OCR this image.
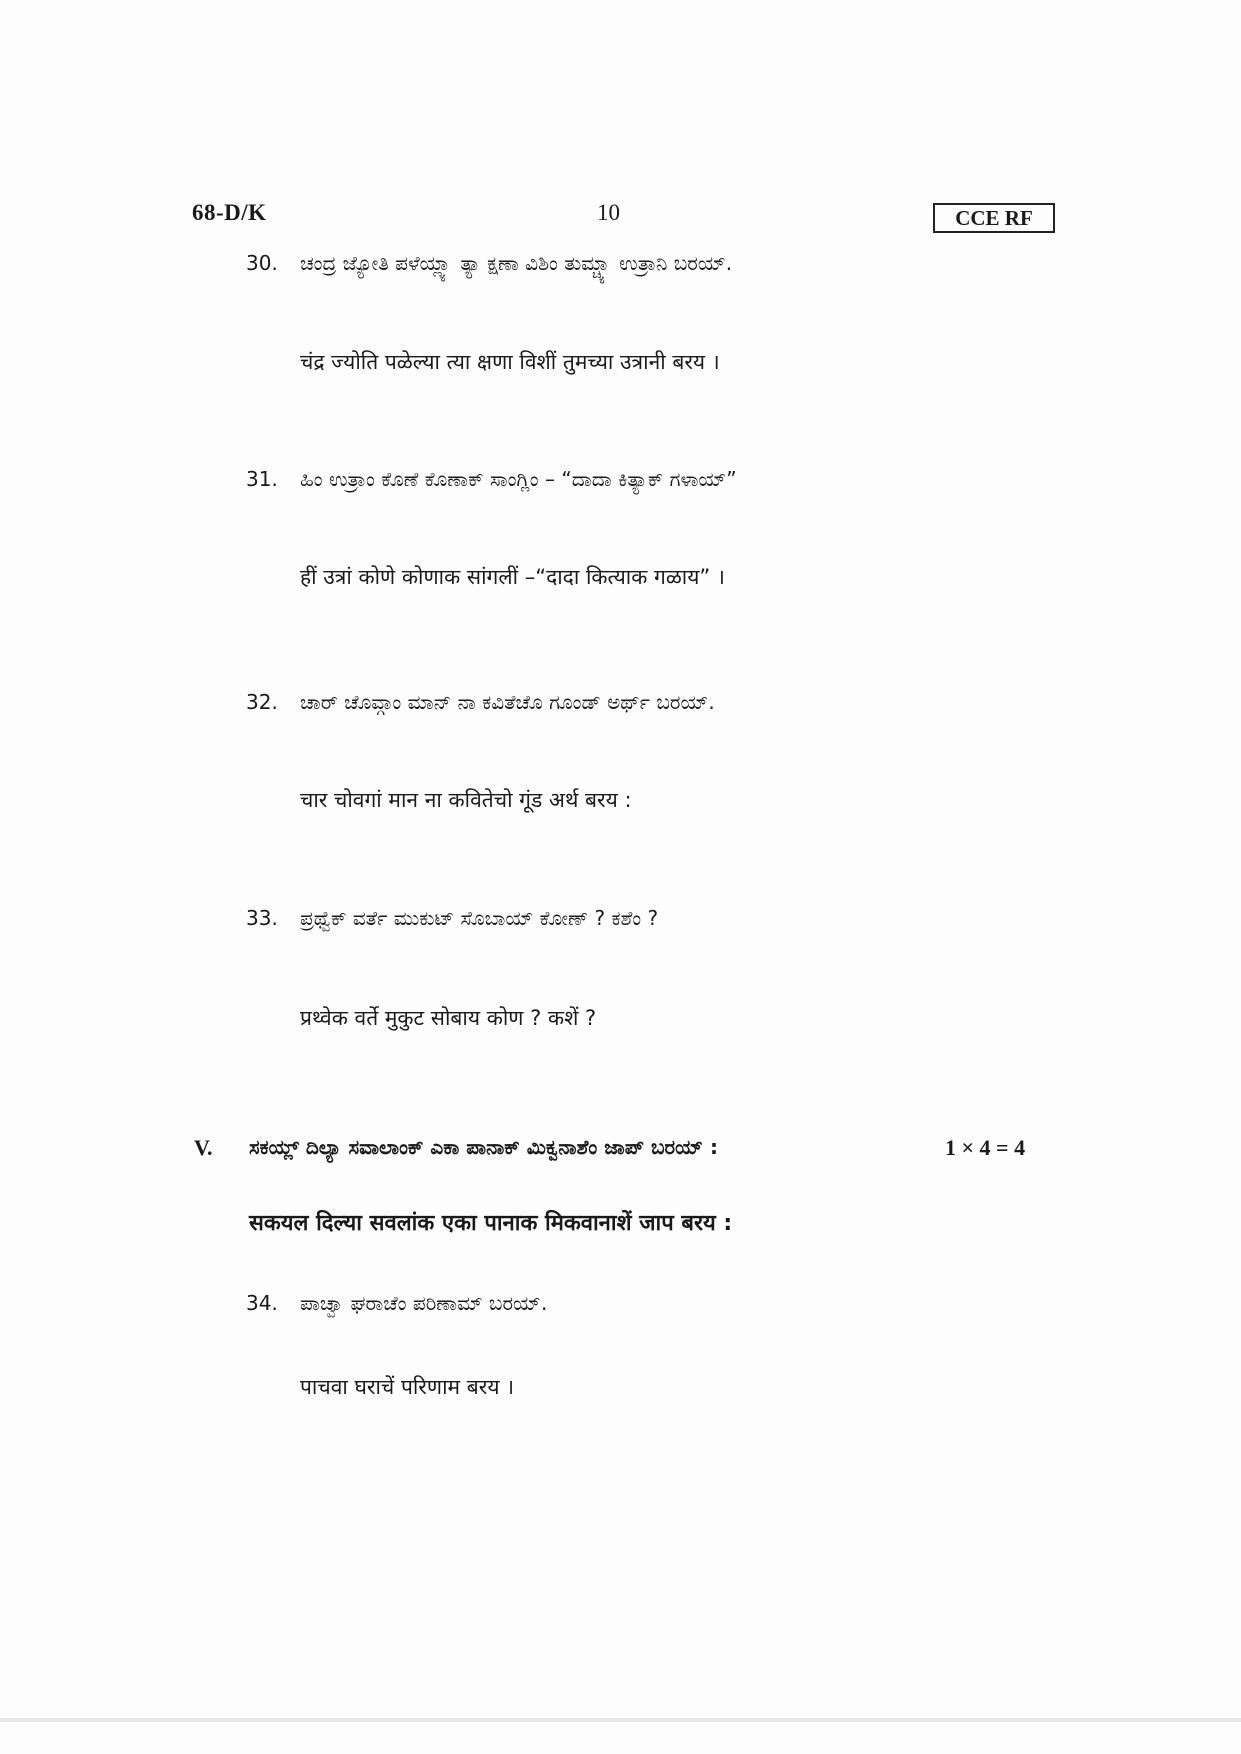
68-D/K	10	CCE RF
30. ಚಂದ್ರ ಜ್ಯೋತಿ ಪಳೆಯ್ಲ್ಯಾ ತ್ಯಾ ಕ್ಷಣಾ ವಿಶಿಂ ತುಮ್ಚ್ಯಾ ಉತ್ರಾನಿ ಬರಯ್.
चंद्र ज्योति पळेल्या त्या क्षणा विशीं तुमच्या उत्रानी बरय ।
31. ಹಿಂ ಉತ್ರಾಂ ಕೊಣೆ ಕೊಣಾಕ್ ಸಾಂಗ್ಲಿಂ – “ದಾದಾ ಕಿತ್ಯಾಕ್ ಗಳಾಯ್”
हीं उत्रां कोणे कोणाक सांगलीं –“दादा कित्याक गळाय” ।
32. ಚಾರ್ ಚೊವ್ಗಾಂ ಮಾನ್ ನಾ ಕವಿತೆಚೊ ಗೂಂಡ್ ಅರ್ಥ್ ಬರಯ್.
चार चोवगां मान ना कवितेचो गूंड अर्थ बरय :
33. ಪ್ರಥ್ವೆಕ್ ವರ್ತೆ ಮುಕುಟ್ ಸೊಬಾಯ್ ಕೋಣ್ ? ಕಶೆಂ ?
प्रथ्वेक वर्ते मुकुट सोबाय कोण ? कशें ?
V. ಸಕಯ್ಲ್ ದಿಲ್ಯಾ ಸವಾಲಾಂಕ್ ಎಕಾ ಪಾನಾಕ್ ಮಿಕ್ವನಾಶೆಂ ಜಾಪ್ ಬರಯ್ :	1 × 4 = 4
सकयल दिल्या सवलांक एका पानाक मिकवानाशें जाप बरय :
34. ಪಾಚ್ವಾ ಘರಾಚೆಂ ಪರಿಣಾಮ್ ಬರಯ್.
पाचवा घराचें परिणाम बरय ।
